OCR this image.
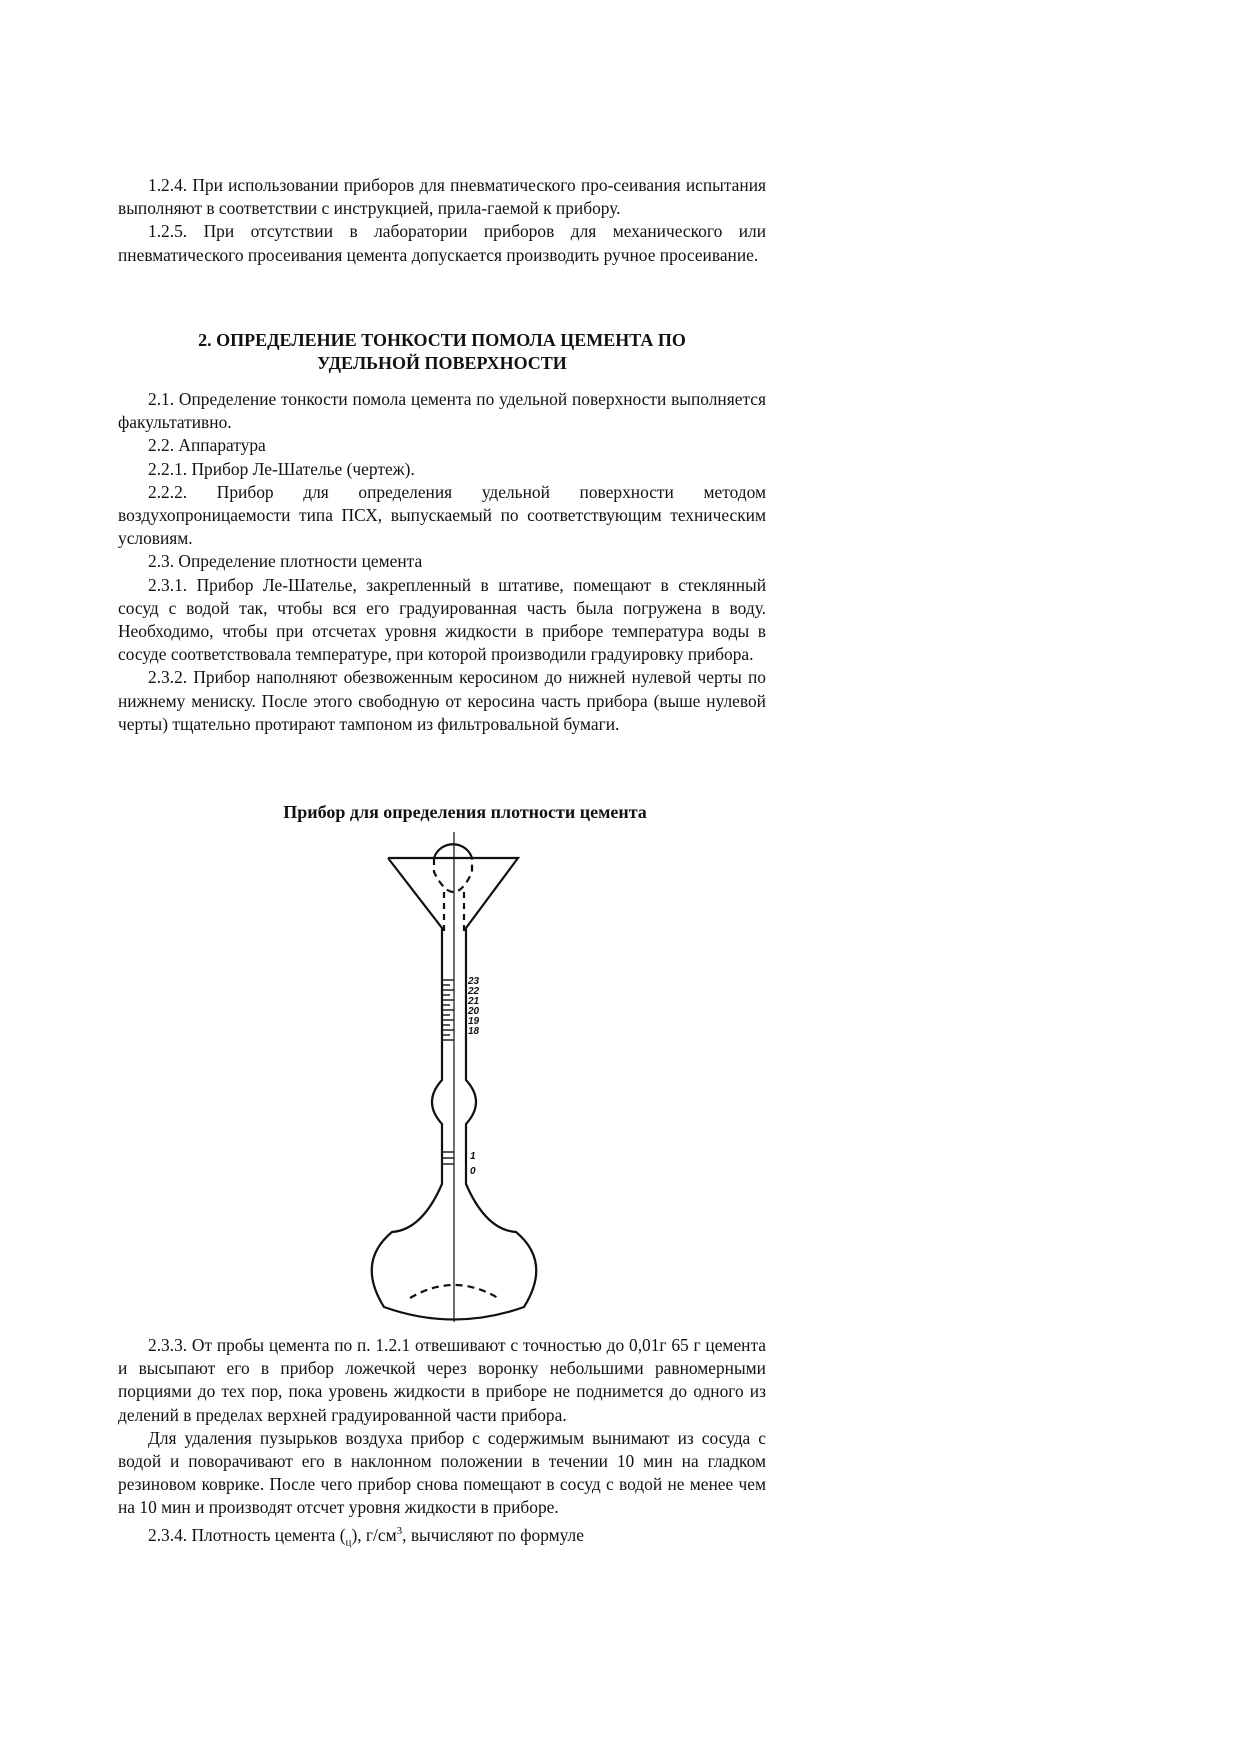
1.2.4. При использовании приборов для пневматического про-сеивания испытания выполняют в соответствии с инструкцией, прила-гаемой к прибору.

1.2.5. При отсутствии в лаборатории приборов для механического или пневматического просеивания цемента допускается производить ручное просеивание.

2. ОПРЕДЕЛЕНИЕ ТОНКОСТИ ПОМОЛА ЦЕМЕНТА ПО УДЕЛЬНОЙ ПОВЕРХНОСТИ

2.1. Определение тонкости помола цемента по удельной поверхности выполняется факультативно.

2.2. Аппаратура

2.2.1. Прибор Ле-Шателье (чертеж).

2.2.2. Прибор для определения удельной поверхности методом воздухопроницаемости типа ПСХ, выпускаемый по соответствующим техническим условиям.

2.3. Определение плотности цемента

2.3.1. Прибор Ле-Шателье, закрепленный в штативе, помещают в стеклянный сосуд с водой так, чтобы вся его градуированная часть была погружена в воду. Необходимо, чтобы при отсчетах уровня жидкости в приборе температура воды в сосуде соответствовала температуре, при которой производили градуировку прибора.

2.3.2. Прибор наполняют обезвоженным керосином до нижней нулевой черты по нижнему мениску. После этого свободную от керосина часть прибора (выше нулевой черты) тщательно протирают тампоном из фильтровальной бумаги.

Прибор для определения плотности цемента
23
22
21
20
19
18
1
0

2.3.3. От пробы цемента по п. 1.2.1 отвешивают с точностью до 0,01г 65 г цемента и высыпают его в прибор ложечкой через воронку небольшими равномерными порциями до тех пор, пока уровень жидкости в приборе не поднимется до одного из делений в пределах верхней градуированной части прибора.

Для удаления пузырьков воздуха прибор с содержимым вынимают из сосуда с водой и поворачивают его в наклонном положении в течении 10 мин на гладком резиновом коврике. После чего прибор снова помещают в сосуд с водой не менее чем на 10 мин и производят отсчет уровня жидкости в приборе.

2.3.4. Плотность цемента $(_ц)$, $г/см^3$, вычисляют по формуле
